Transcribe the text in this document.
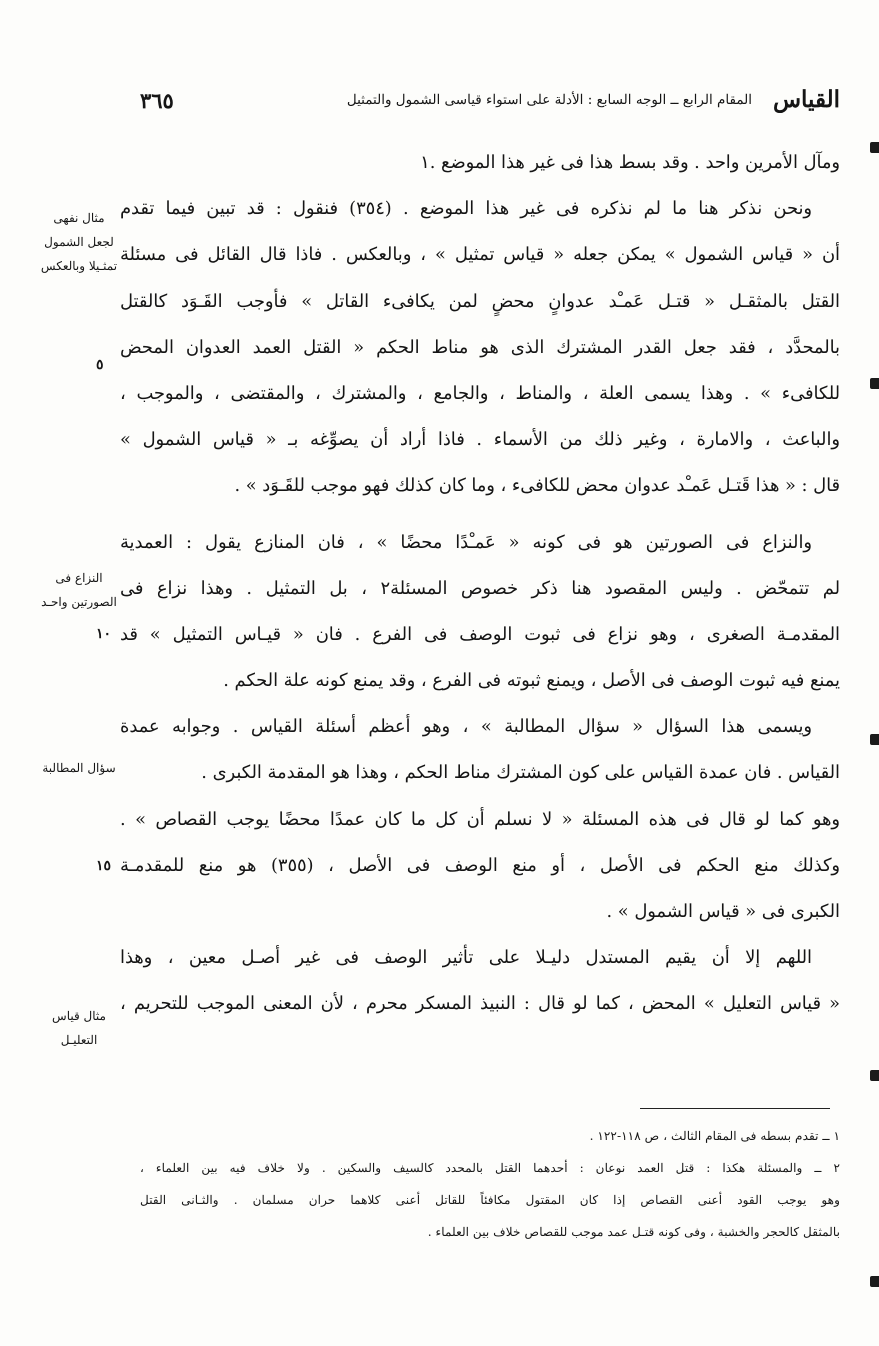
القياس
المقام الرابع ــ الوجه السابع : الأدلة على استواء قياسى الشمول والتمثيل
٣٦٥
ومآل الأمرين واحد . وقد بسط هذا فى غير هذا الموضع .١
ونحن نذكر هنا ما لم نذكره فى غير هذا الموضع . (٣٥٤) فنقول : قد تبين فيما تقدم
أن « قياس الشمول » يمكن جعله « قياس تمثيل » ، وبالعكس . فاذا قال القائل فى مسئلة
القتل بالمثقـل « قتـل عَمـْد عدوانٍ محضٍ لمن يكافىء القاتل » فأوجب القَـوَد كالقتل
بالمحدَّد ، فقد جعل القدر المشترك الذى هو مناط الحكم « القتل العمد العدوان المحض
للكافىء » . وهذا يسمى العلة ، والمناط ، والجامع ، والمشترك ، والمقتضى ، والموجب ،
والباعث ، والامارة ، وغير ذلك من الأسماء . فاذا أراد أن يصوِّغه بـ « قياس الشمول »
قال : « هذا قَتـل عَمـْد عدوان محض للكافىء ، وما كان كذلك فهو موجب للقَـوَد » .
والنزاع فى الصورتين هو فى كونه « عَمـْدًا محضًا » ، فان المنازع يقول : العمدية
لم تتمحّض . وليس المقصود هنا ذكر خصوص المسئلة٢ ، بل التمثيل . وهذا نزاع فى
المقدمـة الصغرى ، وهو نزاع فى ثبوت الوصف فى الفرع . فان « قيـاس التمثيل » قد
يمنع فيه ثبوت الوصف فى الأصل ، ويمنع ثبوته فى الفرع ، وقد يمنع كونه علة الحكم .
ويسمى هذا السؤال « سؤال المطالبة » ، وهو أعظم أسئلة القياس . وجوابه عمدة
القياس . فان عمدة القياس على كون المشترك مناط الحكم ، وهذا هو المقدمة الكبرى .
وهو كما لو قال فى هذه المسئلة « لا نسلم أن كل ما كان عمدًا محضًا يوجب القصاص » .
وكذلك منع الحكم فى الأصل ، أو منع الوصف فى الأصل ، (٣٥٥) هو منع للمقدمـة
الكبرى فى « قياس الشمول » .
اللهم إلا أن يقيم المستدل دليـلا على تأثير الوصف فى غير أصـل معين ، وهذا
« قياس التعليل » المحض ، كما لو قال : النبيذ المسكر محرم ، لأن المعنى الموجب للتحريم ،
مثال نفهى لجعل الشمول تمثـيلا وبالعكس
النزاع فى الصورتين واحـد
سؤال المطالبة
مثال قياس التعليـل
٥
١٠
١٥
١ ــ تقدم بسطه فى المقام الثالث ، ص ١١٨-١٢٢ .
٢ ــ والمسئلة هكذا : قتل العمد نوعان : أحدهما القتل بالمحدد كالسيف والسكين . ولا خلاف فيه بين العلماء ،
وهو يوجب القود أعنى القصاص إذا كان المقتول مكافئاً للقاتل أعنى كلاهما حران مسلمان . والثـانى القتل
بالمثقل كالحجر والخشبة ، وفى كونه قتـل عمد موجب للقصاص خلاف بين العلماء .
